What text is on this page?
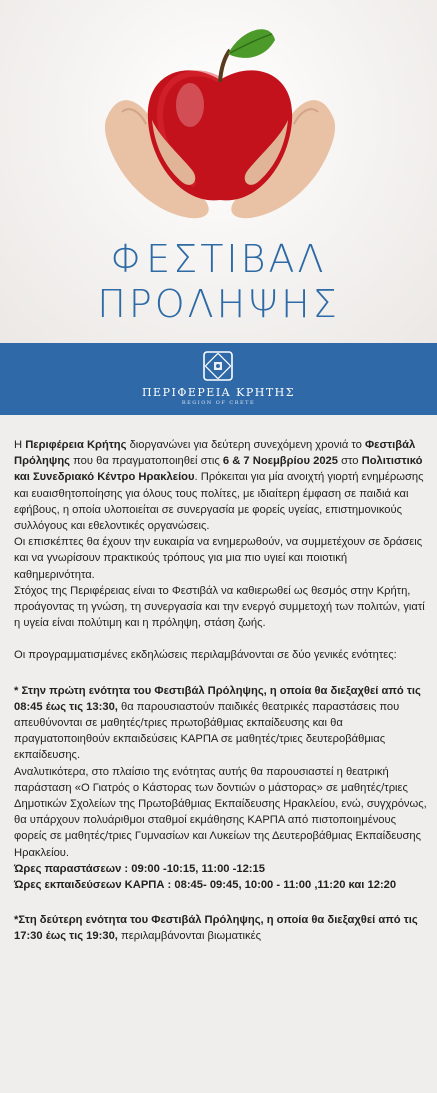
ΦΕΣΤΙΒΑΛ
ΠΡΟΛΗΨΗΣ
ΠΕΡΙΦΕΡΕΙΑ ΚΡΗΤΗΣ
REGION OF CRETE

Η Περιφέρεια Κρήτης διοργανώνει για δεύτερη συνεχόμενη χρονιά το Φεστιβάλ Πρόληψης που θα πραγματοποιηθεί στις 6 & 7 Νοεμβρίου 2025 στο Πολιτιστικό και Συνεδριακό Κέντρο Ηρακλείου. Πρόκειται για μία ανοιχτή γιορτή ενημέρωσης και ευαισθητοποίησης για όλους τους πολίτες, με ιδιαίτερη έμφαση σε παιδιά και εφήβους, η οποία υλοποιείται σε συνεργασία με φορείς υγείας, επιστημονικούς συλλόγους και εθελοντικές οργανώσεις.

Οι επισκέπτες θα έχουν την ευκαιρία να ενημερωθούν, να συμμετέχουν σε δράσεις και να γνωρίσουν πρακτικούς τρόπους για μια πιο υγιεί και ποιοτική καθημερινότητα.

Στόχος της Περιφέρειας είναι το Φεστιβάλ να καθιερωθεί ως θεσμός στην Κρήτη, προάγοντας τη γνώση, τη συνεργασία και την ενεργό συμμετοχή των πολιτών, γιατί η υγεία είναι πολύτιμη και η πρόληψη, στάση ζωής.

Οι προγραμματισμένες εκδηλώσεις περιλαμβάνονται σε δύο γενικές ενότητες:

* Στην πρώτη ενότητα του Φεστιβάλ Πρόληψης, η οποία θα διεξαχθεί από τις 08:45 έως τις 13:30, θα παρουσιαστούν παιδικές θεατρικές παραστάσεις που απευθύνονται σε μαθητές/τριες πρωτοβάθμιας εκπαίδευσης και θα πραγματοποιηθούν εκπαιδεύσεις ΚΑΡΠΑ σε μαθητές/τριες δευτεροβάθμιας εκπαίδευσης.

Αναλυτικότερα, στο πλαίσιο της ενότητας αυτής θα παρουσιαστεί η θεατρική παράσταση «Ο Γιατρός ο Κάστορας των δοντιών ο μάστορας» σε μαθητές/τριες Δημοτικών Σχολείων της Πρωτοβάθμιας Εκπαίδευσης Ηρακλείου, ενώ, συγχρόνως, θα υπάρχουν πολυάριθμοι σταθμοί εκμάθησης ΚΑΡΠΑ από πιστοποιημένους φορείς σε μαθητές/τριες Γυμνασίων και Λυκείων της Δευτεροβάθμιας Εκπαίδευσης Ηρακλείου.

Ώρες παραστάσεων : 09:00 -10:15, 11:00 -12:15

Ώρες εκπαιδεύσεων ΚΑΡΠΑ : 08:45- 09:45, 10:00 - 11:00 ,11:20 και 12:20

*Στη δεύτερη ενότητα του Φεστιβάλ Πρόληψης, η οποία θα διεξαχθεί από τις 17:30 έως τις 19:30, περιλαμβάνονται βιωματικές
